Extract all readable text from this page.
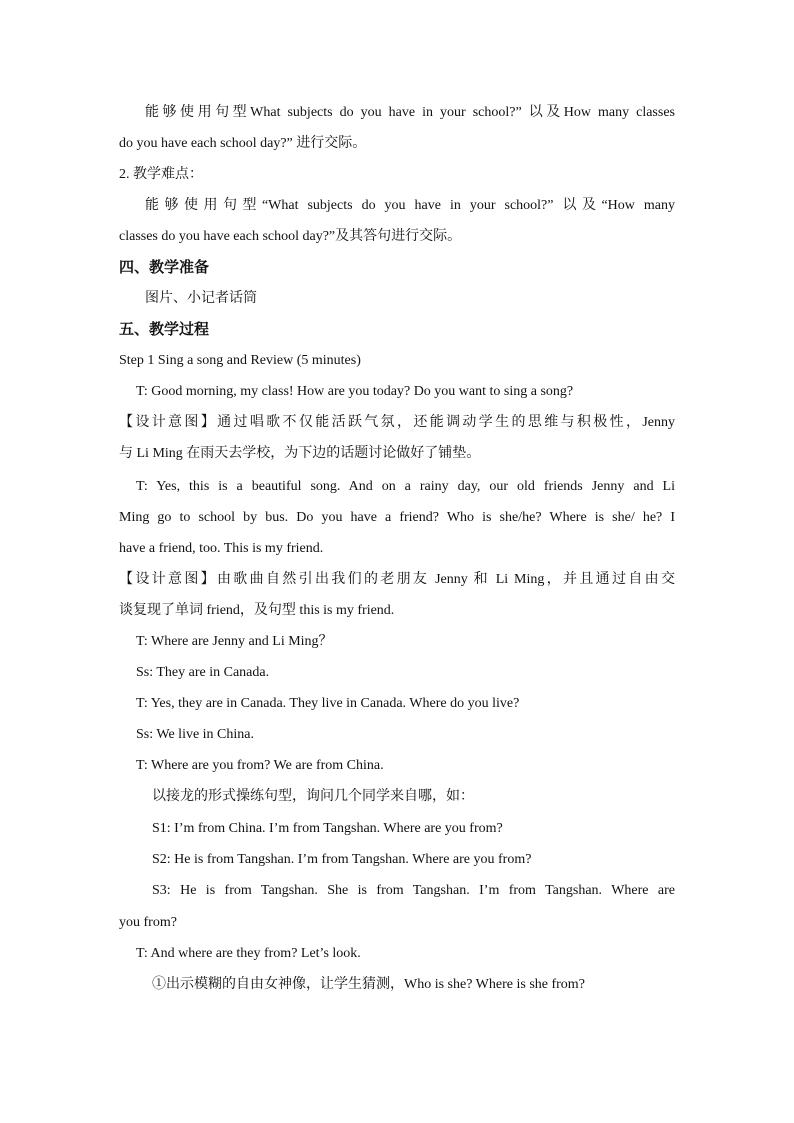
能够使用句型What subjects do you have in your school?” 以及How many classes
do you have each school day?” 进行交际。
2. 教学难点：
能够使用句型“What subjects do you have in your school?” 以及“How many
classes do you have each school day?”及其答句进行交际。
四、教学准备
图片、小记者话筒
五、教学过程
Step 1 Sing a song and Review (5 minutes)
T: Good morning, my class! How are you today? Do you want to sing a song?
【设计意图】通过唱歌不仅能活跃气氛，还能调动学生的思维与积极性，Jenny
与 Li Ming 在雨天去学校，为下边的话题讨论做好了铺垫。
T: Yes, this is a beautiful song. And on a rainy day, our old friends Jenny and Li
Ming go to school by bus. Do you have a friend? Who is she/he? Where is she/ he? I
have a friend, too. This is my friend.
【设计意图】由歌曲自然引出我们的老朋友 Jenny 和 Li Ming，并且通过自由交
谈复现了单词 friend，及句型 this is my friend.
T: Where are Jenny and Li Ming？
Ss: They are in Canada.
T: Yes, they are in Canada. They live in Canada. Where do you live?
Ss: We live in China.
T: Where are you from? We are from China.
以接龙的形式操练句型，询问几个同学来自哪，如：
S1: I’m from China. I’m from Tangshan. Where are you from?
S2: He is from Tangshan. I’m from Tangshan. Where are you from?
S3: He is from Tangshan. She is from Tangshan. I’m from Tangshan. Where are
you from?
T: And where are they from? Let’s look.
①出示模糊的自由女神像，让学生猜测，Who is she? Where is she from?
